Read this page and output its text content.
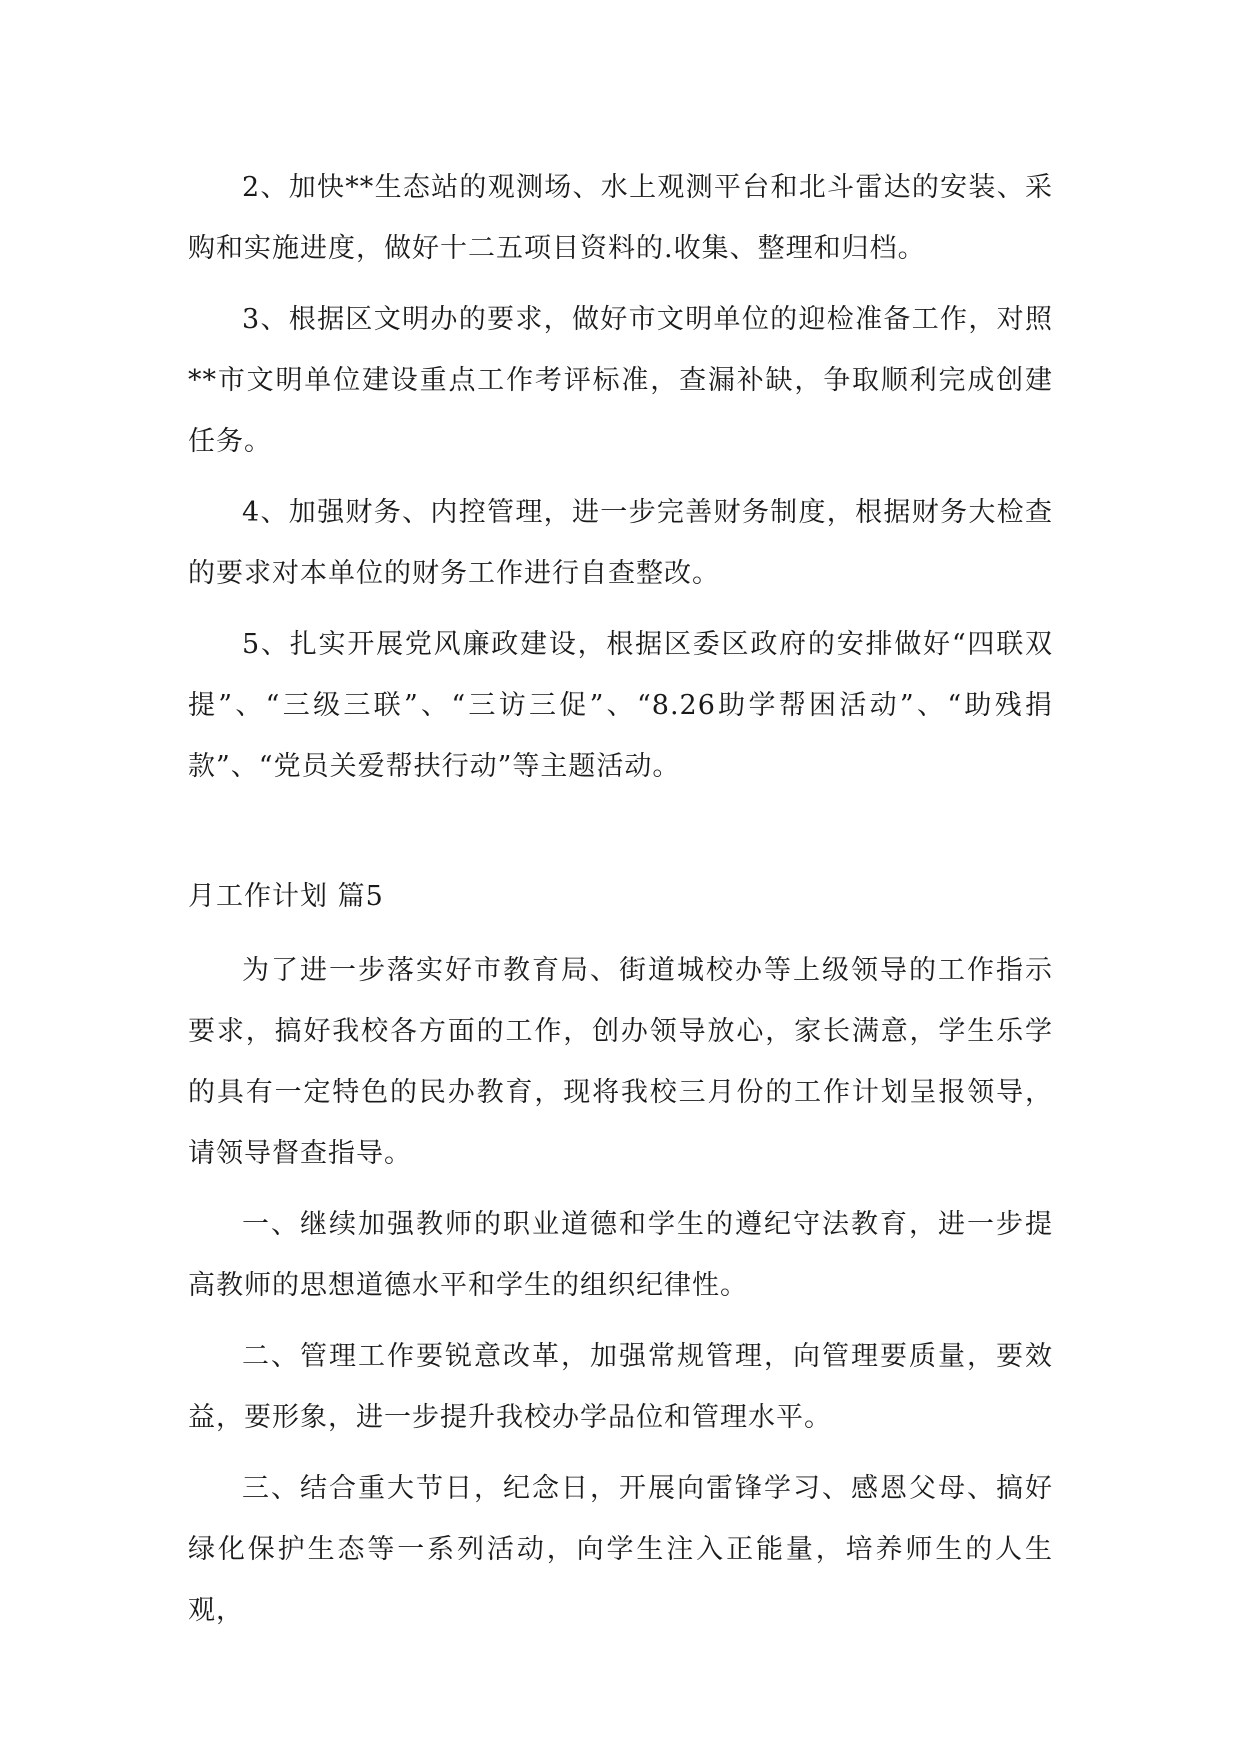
2、加快**生态站的观测场、水上观测平台和北斗雷达的安装、采购和实施进度，做好十二五项目资料的.收集、整理和归档。

3、根据区文明办的要求，做好市文明单位的迎检准备工作，对照**市文明单位建设重点工作考评标准，查漏补缺，争取顺利完成创建任务。

4、加强财务、内控管理，进一步完善财务制度，根据财务大检查的要求对本单位的财务工作进行自查整改。

5、扎实开展党风廉政建设，根据区委区政府的安排做好“四联双提”、“三级三联”、“三访三促”、“8.26助学帮困活动”、“助残捐款”、“党员关爱帮扶行动”等主题活动。

月工作计划 篇5

为了进一步落实好市教育局、街道城校办等上级领导的工作指示要求，搞好我校各方面的工作，创办领导放心，家长满意，学生乐学的具有一定特色的民办教育，现将我校三月份的工作计划呈报领导，请领导督查指导。

一、继续加强教师的职业道德和学生的遵纪守法教育，进一步提高教师的思想道德水平和学生的组织纪律性。

二、管理工作要锐意改革，加强常规管理，向管理要质量，要效益，要形象，进一步提升我校办学品位和管理水平。

三、结合重大节日，纪念日，开展向雷锋学习、感恩父母、搞好绿化保护生态等一系列活动，向学生注入正能量，培养师生的人生观，
